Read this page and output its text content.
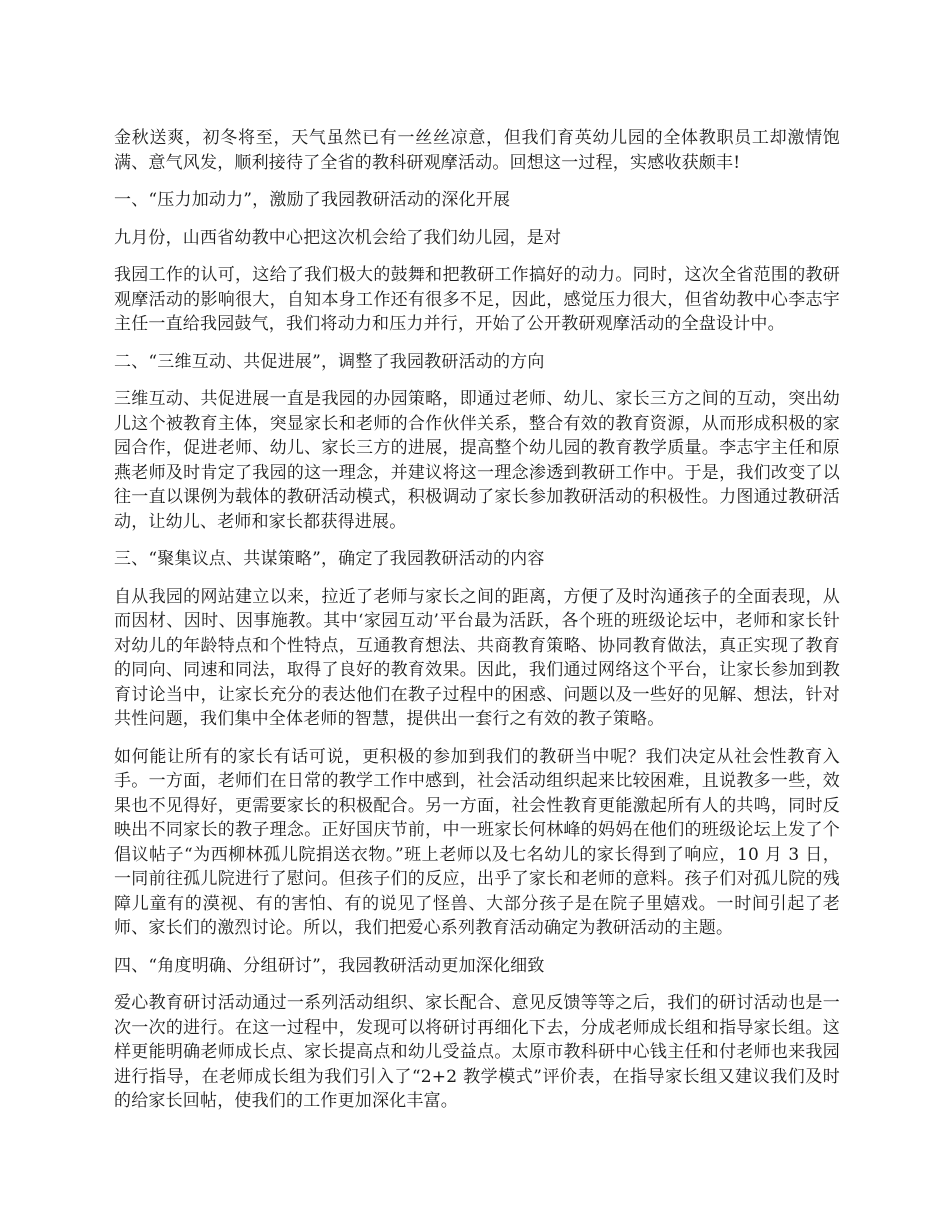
金秋送爽，初冬将至，天气虽然已有一丝丝凉意，但我们育英幼儿园的全体教职员工却激情饱满、意气风发，顺利接待了全省的教科研观摩活动。回想这一过程，实感收获颇丰!

一、“压力加动力”，激励了我园教研活动的深化开展

九月份，山西省幼教中心把这次机会给了我们幼儿园，是对

我园工作的认可，这给了我们极大的鼓舞和把教研工作搞好的动力。同时，这次全省范围的教研观摩活动的影响很大，自知本身工作还有很多不足，因此，感觉压力很大，但省幼教中心李志宇主任一直给我园鼓气，我们将动力和压力并行，开始了公开教研观摩活动的全盘设计中。

二、“三维互动、共促进展”，调整了我园教研活动的方向

三维互动、共促进展一直是我园的办园策略，即通过老师、幼儿、家长三方之间的互动，突出幼儿这个被教育主体，突显家长和老师的合作伙伴关系，整合有效的教育资源，从而形成积极的家园合作，促进老师、幼儿、家长三方的进展，提高整个幼儿园的教育教学质量。李志宇主任和原燕老师及时肯定了我园的这一理念，并建议将这一理念渗透到教研工作中。于是，我们改变了以往一直以课例为载体的教研活动模式，积极调动了家长参加教研活动的积极性。力图通过教研活动，让幼儿、老师和家长都获得进展。

三、“聚集议点、共谋策略”，确定了我园教研活动的内容

自从我园的网站建立以来，拉近了老师与家长之间的距离，方便了及时沟通孩子的全面表现，从而因材、因时、因事施教。其中‘家园互动’平台最为活跃，各个班的班级论坛中，老师和家长针对幼儿的年龄特点和个性特点，互通教育想法、共商教育策略、协同教育做法，真正实现了教育的同向、同速和同法，取得了良好的教育效果。因此，我们通过网络这个平台，让家长参加到教育讨论当中，让家长充分的表达他们在教子过程中的困惑、问题以及一些好的见解、想法，针对共性问题，我们集中全体老师的智慧，提供出一套行之有效的教子策略。

如何能让所有的家长有话可说，更积极的参加到我们的教研当中呢？我们决定从社会性教育入手。一方面，老师们在日常的教学工作中感到，社会活动组织起来比较困难，且说教多一些，效果也不见得好，更需要家长的积极配合。另一方面，社会性教育更能激起所有人的共鸣，同时反映出不同家长的教子理念。正好国庆节前，中一班家长何林峰的妈妈在他们的班级论坛上发了个倡议帖子“为西柳林孤儿院捐送衣物。”班上老师以及七名幼儿的家长得到了响应，10 月 3 日，一同前往孤儿院进行了慰问。但孩子们的反应，出乎了家长和老师的意料。孩子们对孤儿院的残障儿童有的漠视、有的害怕、有的说见了怪兽、大部分孩子是在院子里嬉戏。一时间引起了老师、家长们的激烈讨论。所以，我们把爱心系列教育活动确定为教研活动的主题。

四、“角度明确、分组研讨”，我园教研活动更加深化细致

爱心教育研讨活动通过一系列活动组织、家长配合、意见反馈等等之后，我们的研讨活动也是一次一次的进行。在这一过程中，发现可以将研讨再细化下去，分成老师成长组和指导家长组。这样更能明确老师成长点、家长提高点和幼儿受益点。太原市教科研中心钱主任和付老师也来我园进行指导，在老师成长组为我们引入了“2+2 教学模式”评价表，在指导家长组又建议我们及时的给家长回帖，使我们的工作更加深化丰富。
